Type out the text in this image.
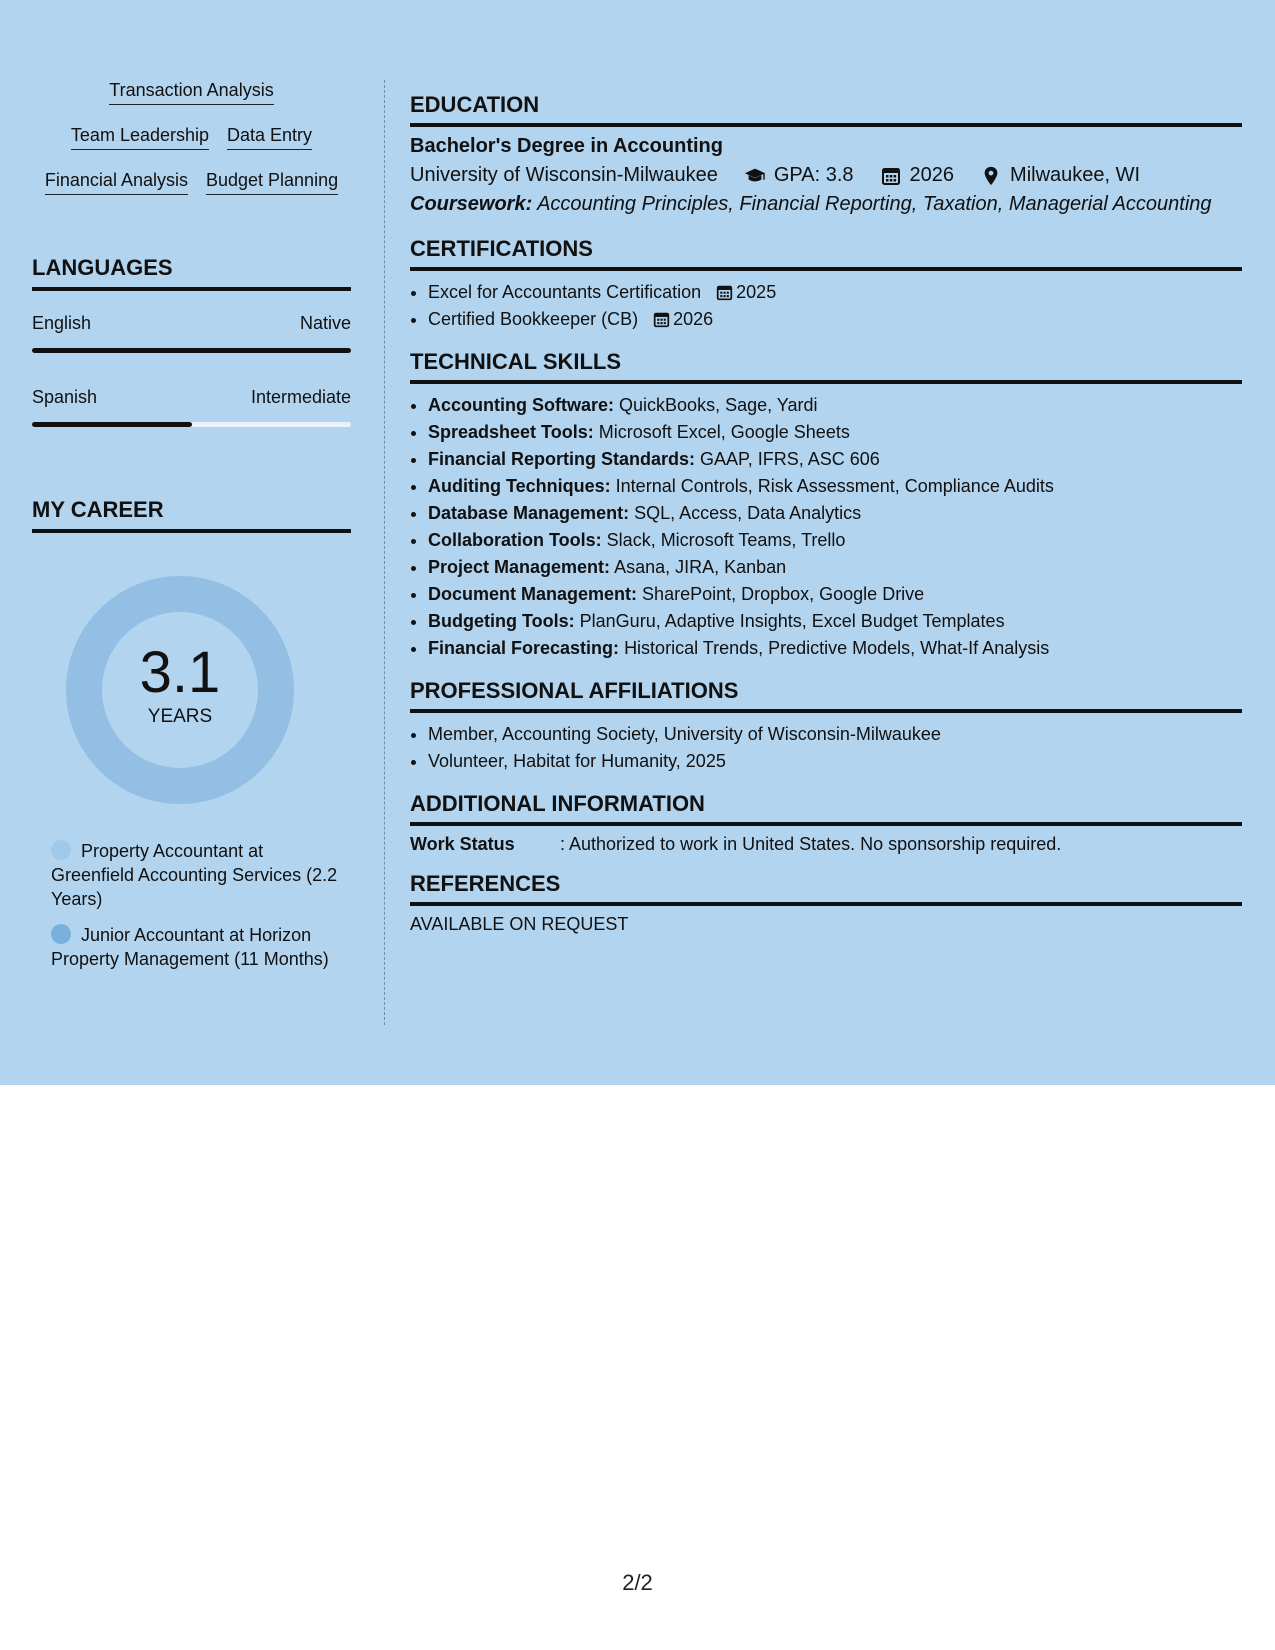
Transaction Analysis
Team Leadership Data Entry
Financial Analysis Budget Planning
LANGUAGES
English	Native
Spanish	Intermediate
MY CAREER
3.1
YEARS
Property Accountant at Greenfield Accounting Services (2.2 Years)
Junior Accountant at Horizon Property Management (11 Months)
EDUCATION
Bachelor's Degree in Accounting
University of Wisconsin-Milwaukee	GPA: 3.8	2026	Milwaukee, WI
Coursework: Accounting Principles, Financial Reporting, Taxation, Managerial Accounting
CERTIFICATIONS
• Excel for Accountants Certification 2025
• Certified Bookkeeper (CB) 2026
TECHNICAL SKILLS
• Accounting Software: QuickBooks, Sage, Yardi
• Spreadsheet Tools: Microsoft Excel, Google Sheets
• Financial Reporting Standards: GAAP, IFRS, ASC 606
• Auditing Techniques: Internal Controls, Risk Assessment, Compliance Audits
• Database Management: SQL, Access, Data Analytics
• Collaboration Tools: Slack, Microsoft Teams, Trello
• Project Management: Asana, JIRA, Kanban
• Document Management: SharePoint, Dropbox, Google Drive
• Budgeting Tools: PlanGuru, Adaptive Insights, Excel Budget Templates
• Financial Forecasting: Historical Trends, Predictive Models, What-If Analysis
PROFESSIONAL AFFILIATIONS
• Member, Accounting Society, University of Wisconsin-Milwaukee
• Volunteer, Habitat for Humanity, 2025
ADDITIONAL INFORMATION
Work Status	: Authorized to work in United States. No sponsorship required.
REFERENCES
AVAILABLE ON REQUEST
2/2
